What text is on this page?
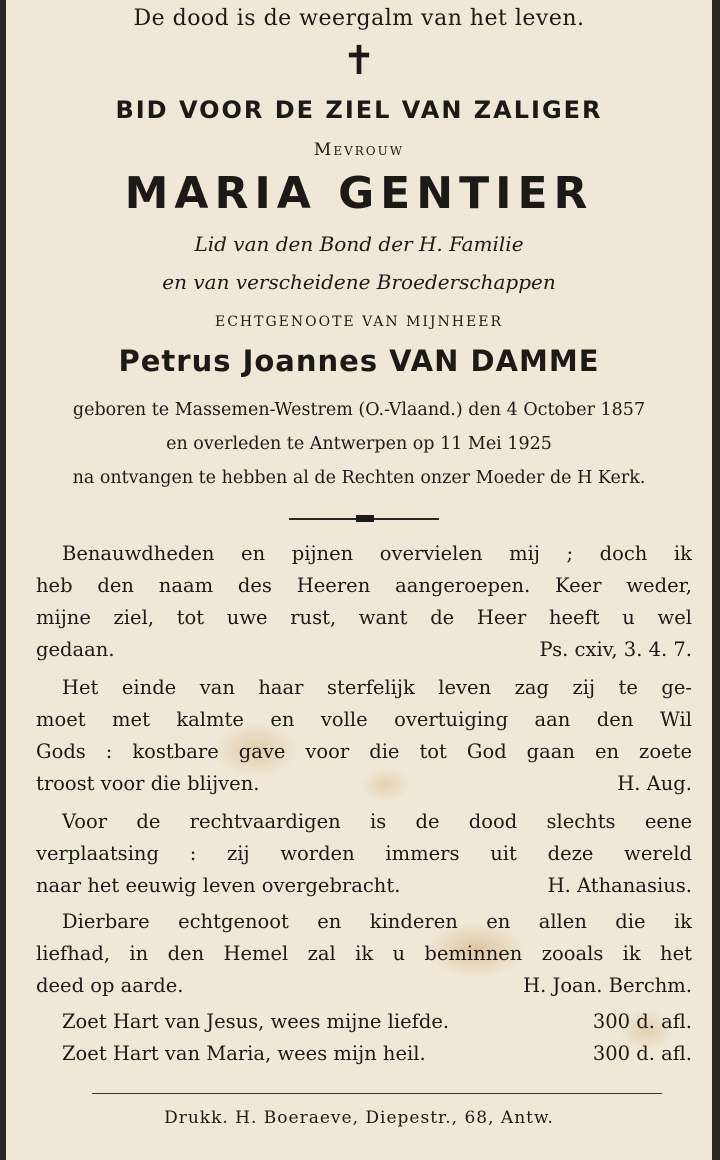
De dood is de weergalm van het leven.
✝
BID VOOR DE ZIEL VAN ZALIGER
Mevrouw
MARIA GENTIER
Lid van den Bond der H. Familie
en van verscheidene Broederschappen
ECHTGENOOTE VAN MIJNHEER
Petrus Joannes VAN DAMME
geboren te Massemen-Westrem (O.-Vlaand.) den 4 October 1857
en overleden te Antwerpen op 11 Mei 1925
na ontvangen te hebben al de Rechten onzer Moeder de H Kerk.
Benauwdheden en pijnen overvielen mij ; doch ik
heb den naam des Heeren aangeroepen. Keer weder,
mijne ziel, tot uwe rust, want de Heer heeft u wel
gedaan.	Ps. cxiv, 3. 4. 7.
Het einde van haar sterfelijk leven zag zij te ge-
moet met kalmte en volle overtuiging aan den Wil
Gods : kostbare gave voor die tot God gaan en zoete
troost voor die blijven.	H. Aug.
Voor de rechtvaardigen is de dood slechts eene
verplaatsing : zij worden immers uit deze wereld
naar het eeuwig leven overgebracht.	H. Athanasius.
Dierbare echtgenoot en kinderen en allen die ik
liefhad, in den Hemel zal ik u beminnen zooals ik het
deed op aarde.	H. Joan. Berchm.
Zoet Hart van Jesus, wees mijne liefde.	300 d. afl.
Zoet Hart van Maria, wees mijn heil.	300 d. afl.
Drukk. H. Boeraeve, Diepestr., 68, Antw.
